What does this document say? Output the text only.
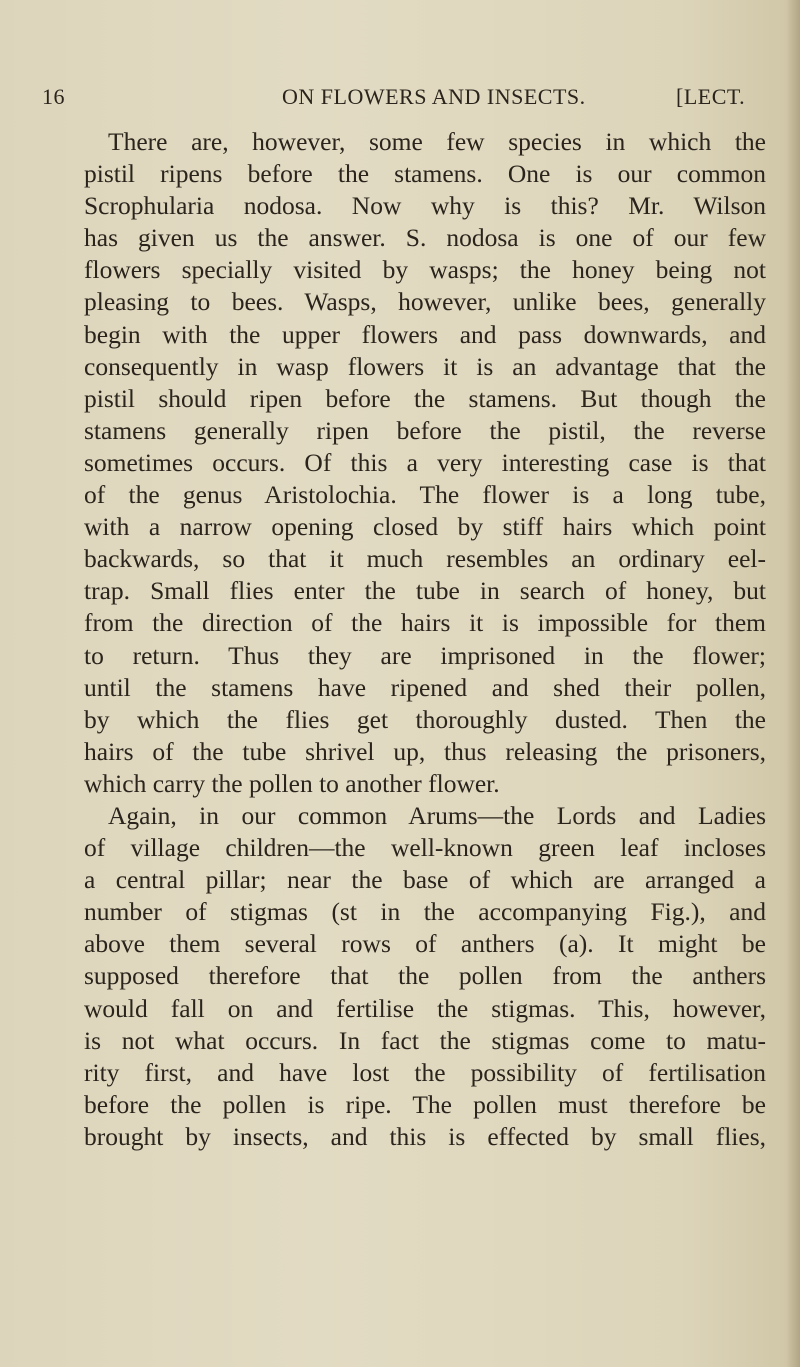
16	ON FLOWERS AND INSECTS.	[LECT.
There are, however, some few species in which the
pistil ripens before the stamens. One is our common
Scrophularia nodosa. Now why is this? Mr. Wilson
has given us the answer. S. nodosa is one of our few
flowers specially visited by wasps; the honey being not
pleasing to bees. Wasps, however, unlike bees, generally
begin with the upper flowers and pass downwards, and
consequently in wasp flowers it is an advantage that the
pistil should ripen before the stamens. But though the
stamens generally ripen before the pistil, the reverse
sometimes occurs. Of this a very interesting case is that
of the genus Aristolochia. The flower is a long tube,
with a narrow opening closed by stiff hairs which point
backwards, so that it much resembles an ordinary eel-
trap. Small flies enter the tube in search of honey, but
from the direction of the hairs it is impossible for them
to return. Thus they are imprisoned in the flower;
until the stamens have ripened and shed their pollen,
by which the flies get thoroughly dusted. Then the
hairs of the tube shrivel up, thus releasing the prisoners,
which carry the pollen to another flower.
Again, in our common Arums—the Lords and Ladies
of village children—the well-known green leaf incloses
a central pillar; near the base of which are arranged a
number of stigmas (st in the accompanying Fig.), and
above them several rows of anthers (a). It might be
supposed therefore that the pollen from the anthers
would fall on and fertilise the stigmas. This, however,
is not what occurs. In fact the stigmas come to matu-
rity first, and have lost the possibility of fertilisation
before the pollen is ripe. The pollen must therefore be
brought by insects, and this is effected by small flies,
